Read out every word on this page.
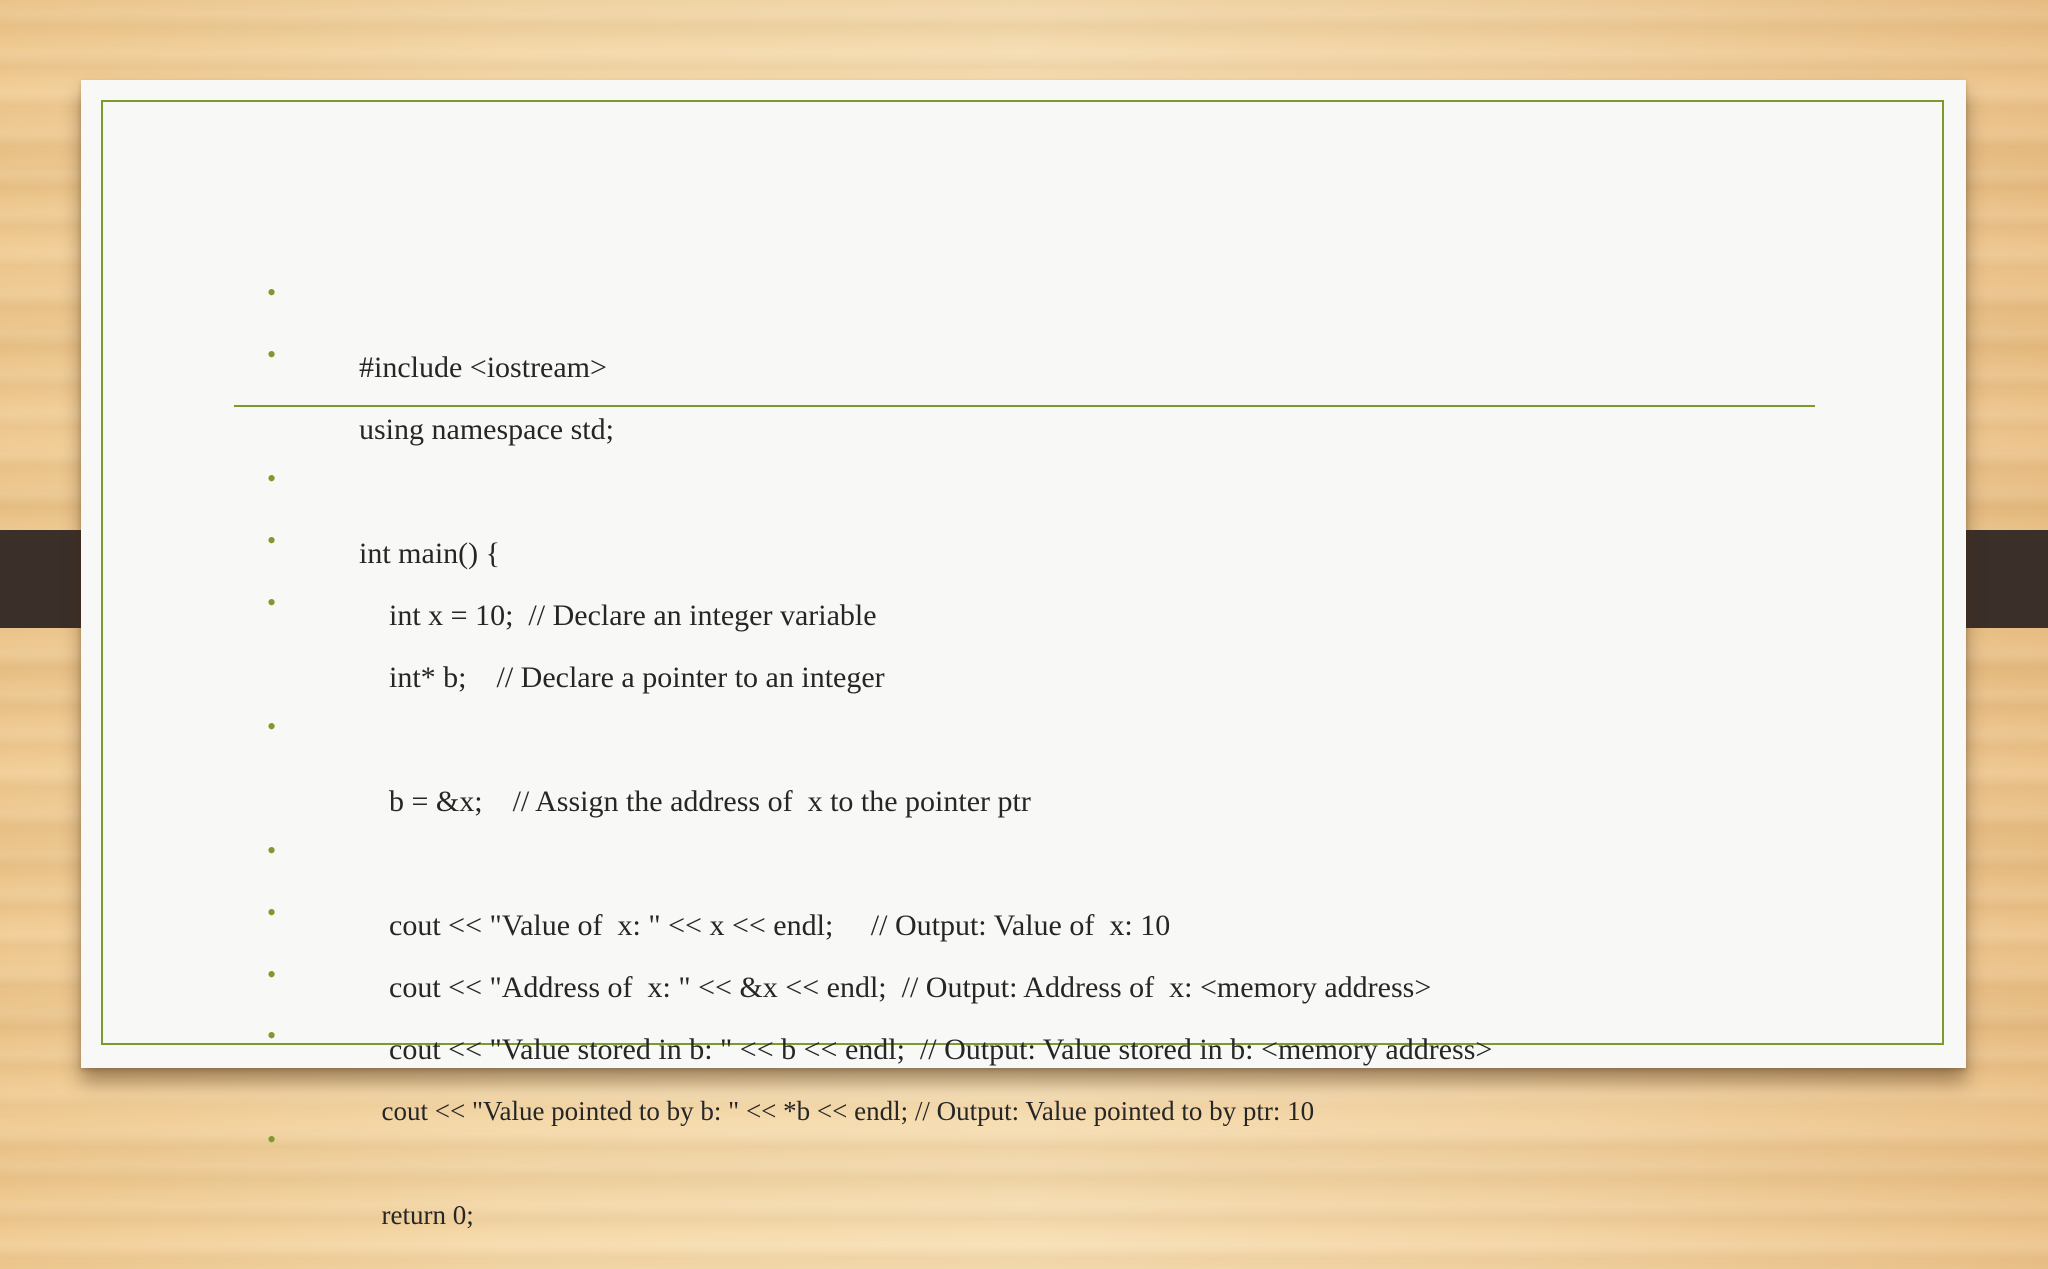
•

#include <iostream>

•

using namespace std;

•

int main() {

•

int x = 10;  // Declare an integer variable

•

int* b;    // Declare a pointer to an integer

•

b = &x;    // Assign the address of  x to the pointer ptr

•

cout << "Value of  x: " << x << endl;     // Output: Value of  x: 10

•

cout << "Address of  x: " << &x << endl;  // Output: Address of  x: <memory address>

•

cout << "Value stored in b: " << b << endl;  // Output: Value stored in b: <memory address>

•

cout << "Value pointed to by b: " << *b << endl; // Output: Value pointed to by ptr: 10

•

return 0;
